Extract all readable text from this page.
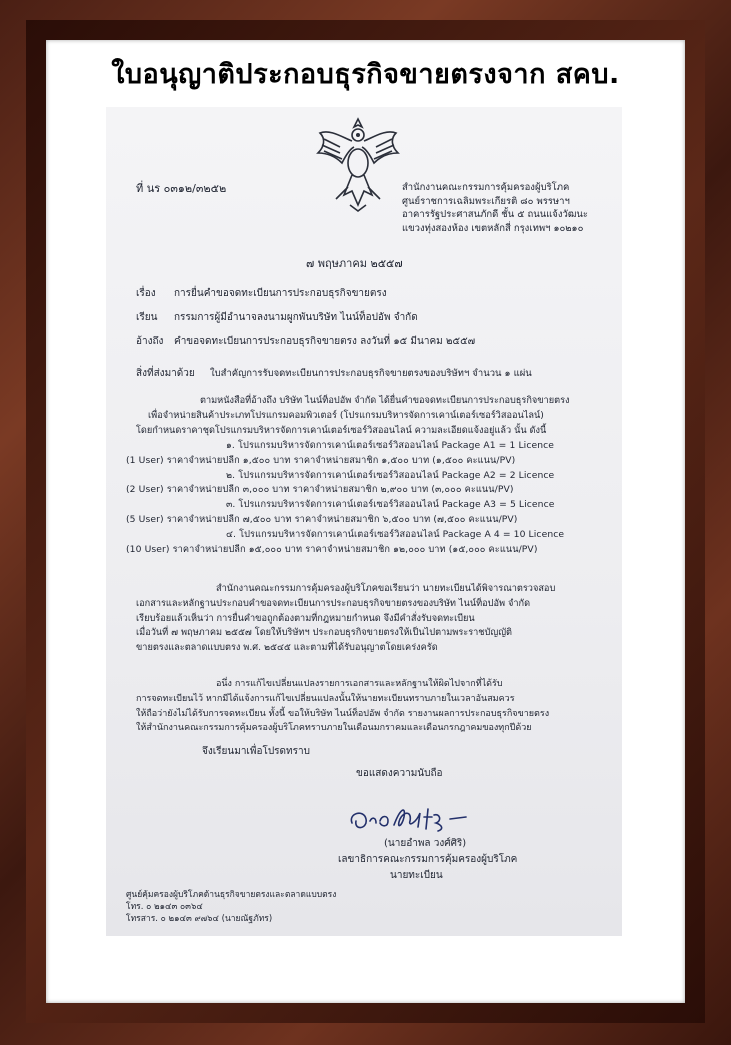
ใบอนุญาติประกอบธุรกิจขายตรงจาก สคบ.
ที่ นร ๐๓๑๒/๓๒๕๒	สำนักงานคณะกรรมการคุ้มครองผู้บริโภค
ศูนย์ราชการเฉลิมพระเกียรติ ๘๐ พรรษาฯ
อาคารรัฐประศาสนภักดี ชั้น ๕ ถนนแจ้งวัฒนะ
แขวงทุ่งสองห้อง เขตหลักสี่ กรุงเทพฯ ๑๐๒๑๐
๗ พฤษภาคม ๒๕๕๗
เรื่อง การยื่นคำขอจดทะเบียนการประกอบธุรกิจขายตรง
เรียน กรรมการผู้มีอำนาจลงนามผูกพันบริษัท ไนน์ท็อปอัพ จำกัด
อ้างถึง คำขอจดทะเบียนการประกอบธุรกิจขายตรง ลงวันที่ ๑๕ มีนาคม ๒๕๕๗
สิ่งที่ส่งมาด้วย ใบสำคัญการรับจดทะเบียนการประกอบธุรกิจขายตรงของบริษัทฯ จำนวน ๑ แผ่น
ตามหนังสือที่อ้างถึง บริษัท ไนน์ท็อปอัพ จำกัด ได้ยื่นคำขอจดทะเบียนการประกอบธุรกิจขายตรง
เพื่อจำหน่ายสินค้าประเภทโปรแกรมคอมพิวเตอร์ (โปรแกรมบริหารจัดการเคาน์เตอร์เซอร์วิสออนไลน์)
โดยกำหนดราคาชุดโปรแกรมบริหารจัดการเคาน์เตอร์เซอร์วิสออนไลน์ ความละเอียดแจ้งอยู่แล้ว นั้น ดังนี้
๑. โปรแกรมบริหารจัดการเคาน์เตอร์เซอร์วิสออนไลน์ Package A1 = 1 Licence
(1 User) ราคาจำหน่ายปลีก ๑,๕๐๐ บาท ราคาจำหน่ายสมาชิก ๑,๕๐๐ บาท (๑,๕๐๐ คะแนน/PV)
๒. โปรแกรมบริหารจัดการเคาน์เตอร์เซอร์วิสออนไลน์ Package A2 = 2 Licence
(2 User) ราคาจำหน่ายปลีก ๓,๐๐๐ บาท ราคาจำหน่ายสมาชิก ๒,๙๐๐ บาท (๓,๐๐๐ คะแนน/PV)
๓. โปรแกรมบริหารจัดการเคาน์เตอร์เซอร์วิสออนไลน์ Package A3 = 5 Licence
(5 User) ราคาจำหน่ายปลีก ๗,๕๐๐ บาท ราคาจำหน่ายสมาชิก ๖,๕๐๐ บาท (๗,๕๐๐ คะแนน/PV)
๔. โปรแกรมบริหารจัดการเคาน์เตอร์เซอร์วิสออนไลน์ Package A 4 = 10 Licence
(10 User) ราคาจำหน่ายปลีก ๑๕,๐๐๐ บาท ราคาจำหน่ายสมาชิก ๑๒,๐๐๐ บาท (๑๕,๐๐๐ คะแนน/PV)
สำนักงานคณะกรรมการคุ้มครองผู้บริโภคขอเรียนว่า นายทะเบียนได้พิจารณาตรวจสอบ
เอกสารและหลักฐานประกอบคำขอจดทะเบียนการประกอบธุรกิจขายตรงของบริษัท ไนน์ท็อปอัพ จำกัด
เรียบร้อยแล้วเห็นว่า การยื่นคำขอถูกต้องตามที่กฎหมายกำหนด จึงมีคำสั่งรับจดทะเบียน
เมื่อวันที่ ๗ พฤษภาคม ๒๕๕๗ โดยให้บริษัทฯ ประกอบธุรกิจขายตรงให้เป็นไปตามพระราชบัญญัติ
ขายตรงและตลาดแบบตรง พ.ศ. ๒๕๔๕ และตามที่ได้รับอนุญาตโดยเคร่งครัด
อนึ่ง การแก้ไขเปลี่ยนแปลงรายการเอกสารและหลักฐานให้ผิดไปจากที่ได้รับ
การจดทะเบียนไว้ หากมีได้แจ้งการแก้ไขเปลี่ยนแปลงนั้นให้นายทะเบียนทราบภายในเวลาอันสมควร
ให้ถือว่ายังไม่ได้รับการจดทะเบียน ทั้งนี้ ขอให้บริษัท ไนน์ท็อปอัพ จำกัด รายงานผลการประกอบธุรกิจขายตรง
ให้สำนักงานคณะกรรมการคุ้มครองผู้บริโภคทราบภายในเดือนมกราคมและเดือนกรกฎาคมของทุกปีด้วย
จึงเรียนมาเพื่อโปรดทราบ
ขอแสดงความนับถือ
(นายอำพล วงศ์ศิริ)
เลขาธิการคณะกรรมการคุ้มครองผู้บริโภค
นายทะเบียน
ศูนย์คุ้มครองผู้บริโภคด้านธุรกิจขายตรงและตลาดแบบตรง
โทร. ๐ ๒๑๔๓ ๐๓๖๔
โทรสาร. ๐ ๒๑๔๓ ๙๗๖๔ (นายณัฐภัทร)
